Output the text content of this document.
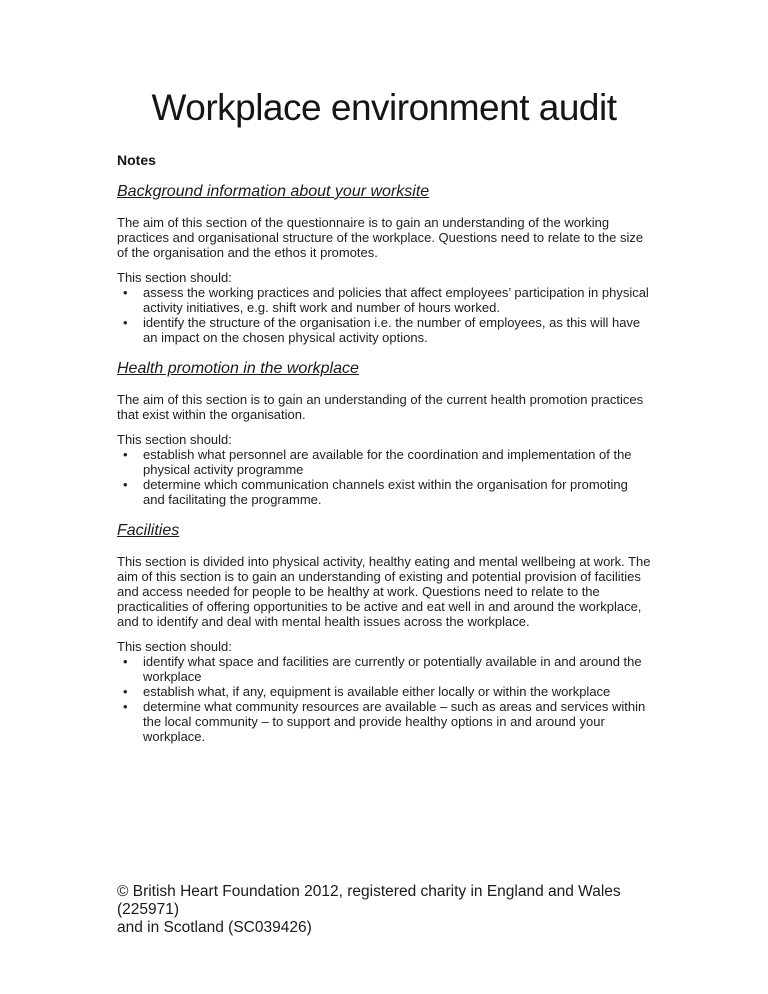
Workplace environment audit

Notes

Background information about your worksite

The aim of this section of the questionnaire is to gain an understanding of the working practices and organisational structure of the workplace. Questions need to relate to the size of the organisation and the ethos it promotes.

This section should:

• assess the working practices and policies that affect employees’ participation in physical activity initiatives, e.g. shift work and number of hours worked.
• identify the structure of the organisation i.e. the number of employees, as this will have an impact on the chosen physical activity options.
Health promotion in the workplace

The aim of this section is to gain an understanding of the current health promotion practices that exist within the organisation.

This section should:

• establish what personnel are available for the coordination and implementation of the physical activity programme
• determine which communication channels exist within the organisation for promoting and facilitating the programme.
Facilities

This section is divided into physical activity, healthy eating and mental wellbeing at work. The aim of this section is to gain an understanding of existing and potential provision of facilities and access needed for people to be healthy at work. Questions need to relate to the practicalities of offering opportunities to be active and eat well in and around the workplace, and to identify and deal with mental health issues across the workplace.

This section should:

• identify what space and facilities are currently or potentially available in and around the workplace
• establish what, if any, equipment is available either locally or within the workplace
• determine what community resources are available – such as areas and services within the local community – to support and provide healthy options in and around your workplace.
© British Heart Foundation 2012, registered charity in England and Wales (225971)
and in Scotland (SC039426)
